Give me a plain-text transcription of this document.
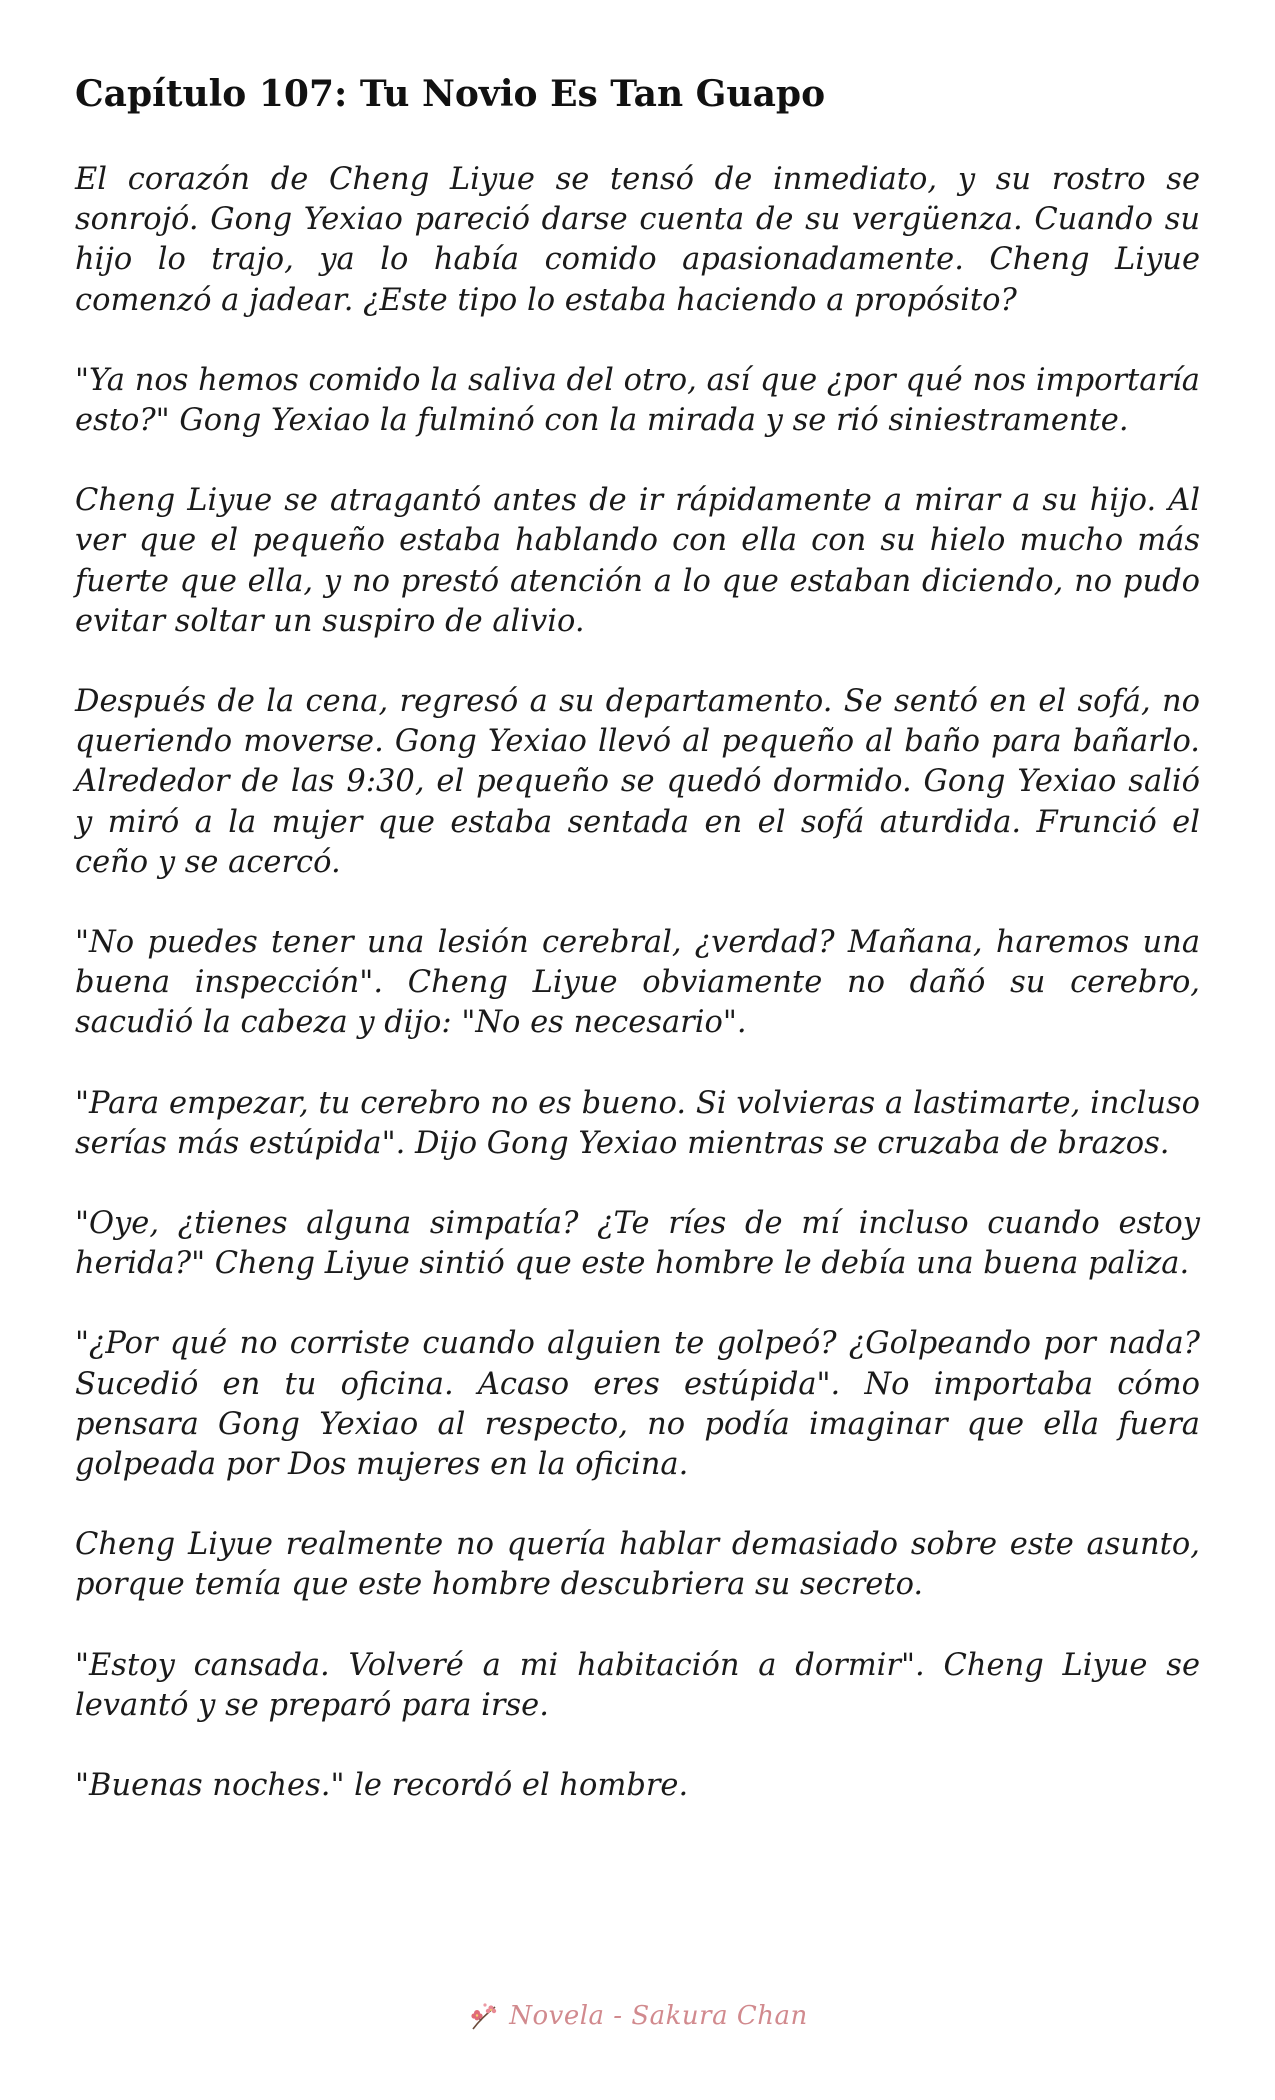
Capítulo 107: Tu Novio Es Tan Guapo

El corazón de Cheng Liyue se tensó de inmediato, y su rostro se sonrojó. Gong Yexiao pareció darse cuenta de su vergüenza. Cuando su hijo lo trajo, ya lo había comido apasionadamente. Cheng Liyue comenzó a jadear. ¿Este tipo lo estaba haciendo a propósito?

"Ya nos hemos comido la saliva del otro, así que ¿por qué nos importaría esto?" Gong Yexiao la fulminó con la mirada y se rió siniestramente.

Cheng Liyue se atragantó antes de ir rápidamente a mirar a su hijo. Al ver que el pequeño estaba hablando con ella con su hielo mucho más fuerte que ella, y no prestó atención a lo que estaban diciendo, no pudo evitar soltar un suspiro de alivio.

Después de la cena, regresó a su departamento. Se sentó en el sofá, no queriendo moverse. Gong Yexiao llevó al pequeño al baño para bañarlo. Alrededor de las 9:30, el pequeño se quedó dormido. Gong Yexiao salió y miró a la mujer que estaba sentada en el sofá aturdida. Frunció el ceño y se acercó.

"No puedes tener una lesión cerebral, ¿verdad? Mañana, haremos una buena inspección". Cheng Liyue obviamente no dañó su cerebro, sacudió la cabeza y dijo: "No es necesario".

"Para empezar, tu cerebro no es bueno. Si volvieras a lastimarte, incluso serías más estúpida". Dijo Gong Yexiao mientras se cruzaba de brazos.

"Oye, ¿tienes alguna simpatía? ¿Te ríes de mí incluso cuando estoy herida?" Cheng Liyue sintió que este hombre le debía una buena paliza.

"¿Por qué no corriste cuando alguien te golpeó? ¿Golpeando por nada? Sucedió en tu oficina. Acaso eres estúpida". No importaba cómo pensara Gong Yexiao al respecto, no podía imaginar que ella fuera golpeada por Dos mujeres en la oficina.

Cheng Liyue realmente no quería hablar demasiado sobre este asunto, porque temía que este hombre descubriera su secreto.

"Estoy cansada. Volveré a mi habitación a dormir". Cheng Liyue se levantó y se preparó para irse.

"Buenas noches." le recordó el hombre.

Novela - Sakura Chan
